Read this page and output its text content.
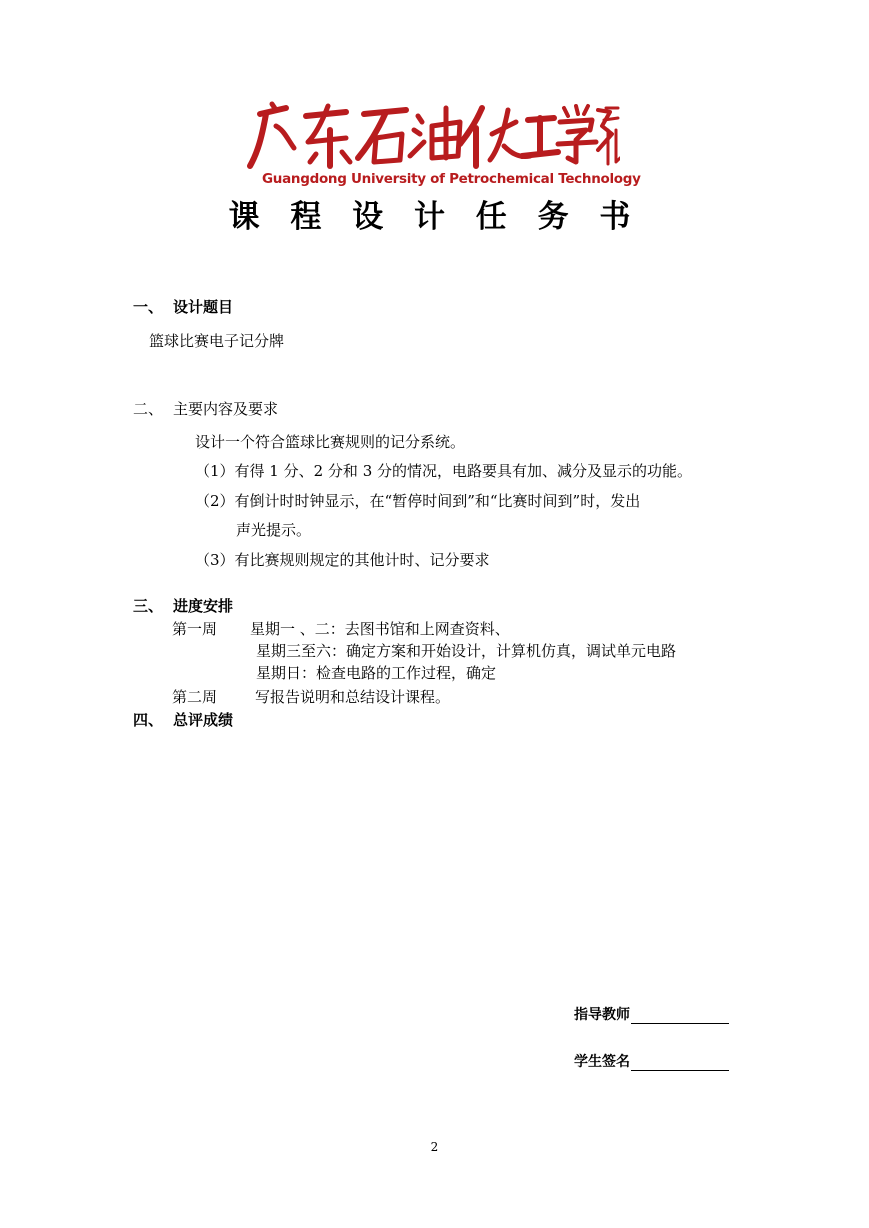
Guangdong University of Petrochemical Technology
课 程 设 计 任 务 书
一、 设计题目
篮球比赛电子记分牌
二、 主要内容及要求
设计一个符合篮球比赛规则的记分系统。
（1）有得 1 分、2 分和 3 分的情况，电路要具有加、减分及显示的功能。
（2）有倒计时时钟显示，在“暂停时间到”和“比赛时间到”时，发出
声光提示。
（3）有比赛规则规定的其他计时、记分要求
三、 进度安排
第一周 星期一 、二：去图书馆和上网查资料、
星期三至六：确定方案和开始设计，计算机仿真，调试单元电路
星期日：检查电路的工作过程，确定
第二周	写报告说明和总结设计课程。
四、 总评成绩
指导教师
学生签名
2
